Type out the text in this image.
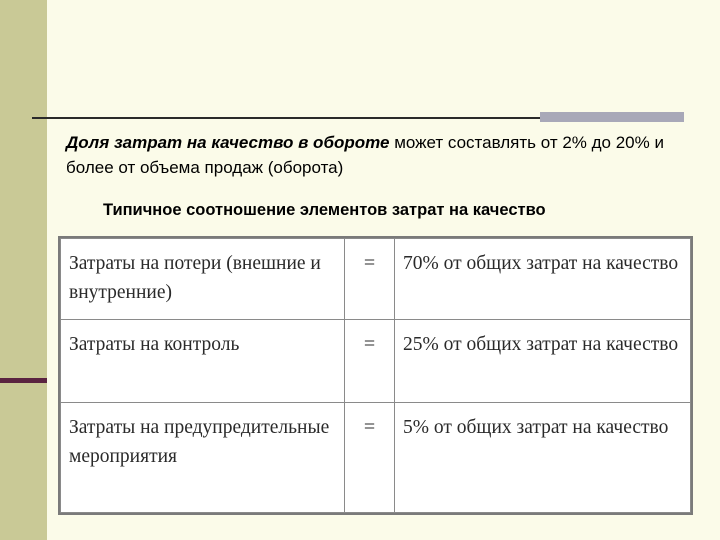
Доля затрат на качество в обороте может составлять от 2% до 20% и более от объема продаж (оборота)
Типичное соотношение элементов затрат на качество
Затраты на потери (внешние и внутренние)	=	70% от общих затрат на качество
Затраты на контроль	=	25% от общих затрат на качество
Затраты на предупредительные мероприятия	=	5% от общих затрат на качество
